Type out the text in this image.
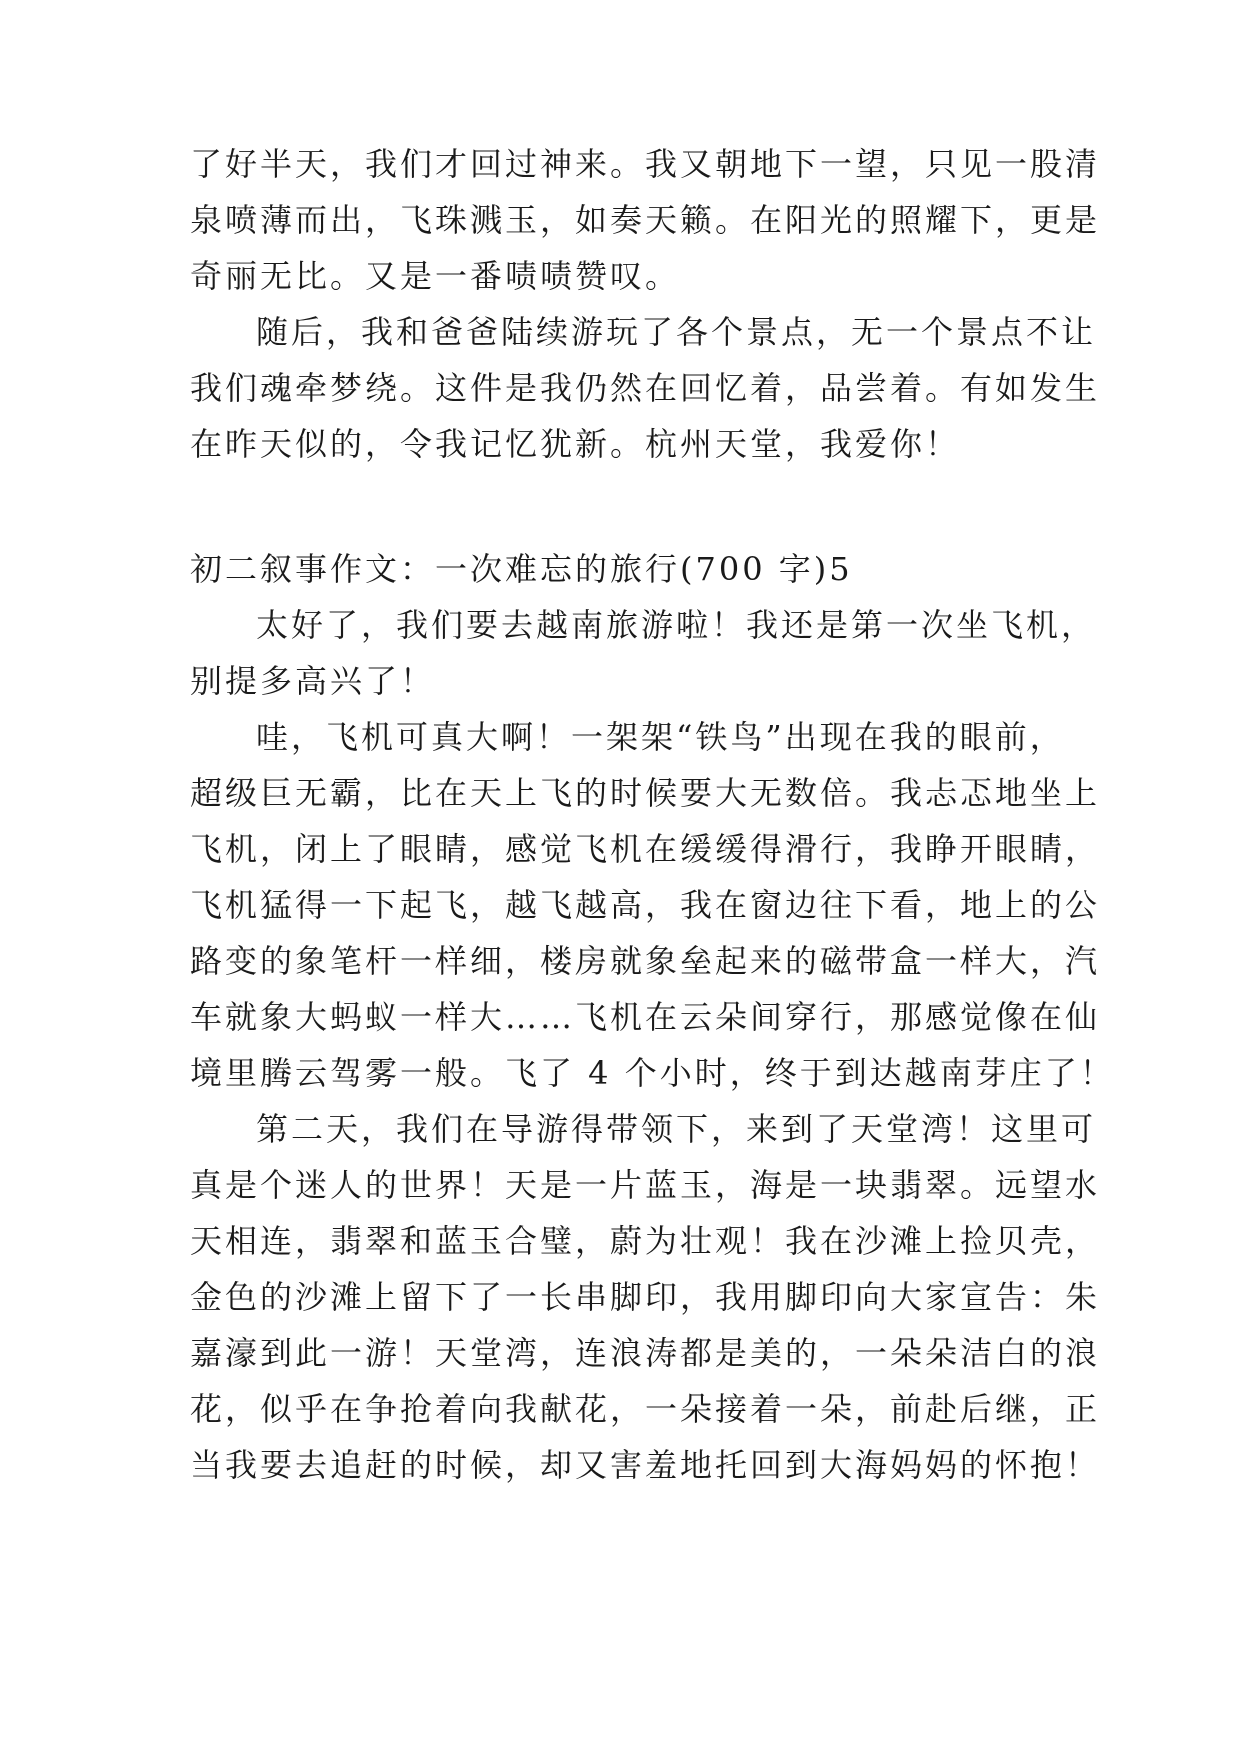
了好半天，我们才回过神来。我又朝地下一望，只见一股清
泉喷薄而出，飞珠溅玉，如奏天籁。在阳光的照耀下，更是
奇丽无比。又是一番啧啧赞叹。
随后，我和爸爸陆续游玩了各个景点，无一个景点不让
我们魂牵梦绕。这件是我仍然在回忆着，品尝着。有如发生
在昨天似的，令我记忆犹新。杭州天堂，我爱你！
初二叙事作文：一次难忘的旅行(700 字)5
太好了，我们要去越南旅游啦！我还是第一次坐飞机，
别提多高兴了！
哇，飞机可真大啊！一架架“铁鸟”出现在我的眼前，
超级巨无霸，比在天上飞的时候要大无数倍。我忐忑地坐上
飞机，闭上了眼睛，感觉飞机在缓缓得滑行，我睁开眼睛，
飞机猛得一下起飞，越飞越高，我在窗边往下看，地上的公
路变的象笔杆一样细，楼房就象垒起来的磁带盒一样大，汽
车就象大蚂蚁一样大……飞机在云朵间穿行，那感觉像在仙
境里腾云驾雾一般。飞了 4 个小时，终于到达越南芽庄了！
第二天，我们在导游得带领下，来到了天堂湾！这里可
真是个迷人的世界！天是一片蓝玉，海是一块翡翠。远望水
天相连，翡翠和蓝玉合璧，蔚为壮观！我在沙滩上捡贝壳，
金色的沙滩上留下了一长串脚印，我用脚印向大家宣告：朱
嘉濠到此一游！天堂湾，连浪涛都是美的，一朵朵洁白的浪
花，似乎在争抢着向我献花，一朵接着一朵，前赴后继，正
当我要去追赶的时候，却又害羞地托回到大海妈妈的怀抱！
